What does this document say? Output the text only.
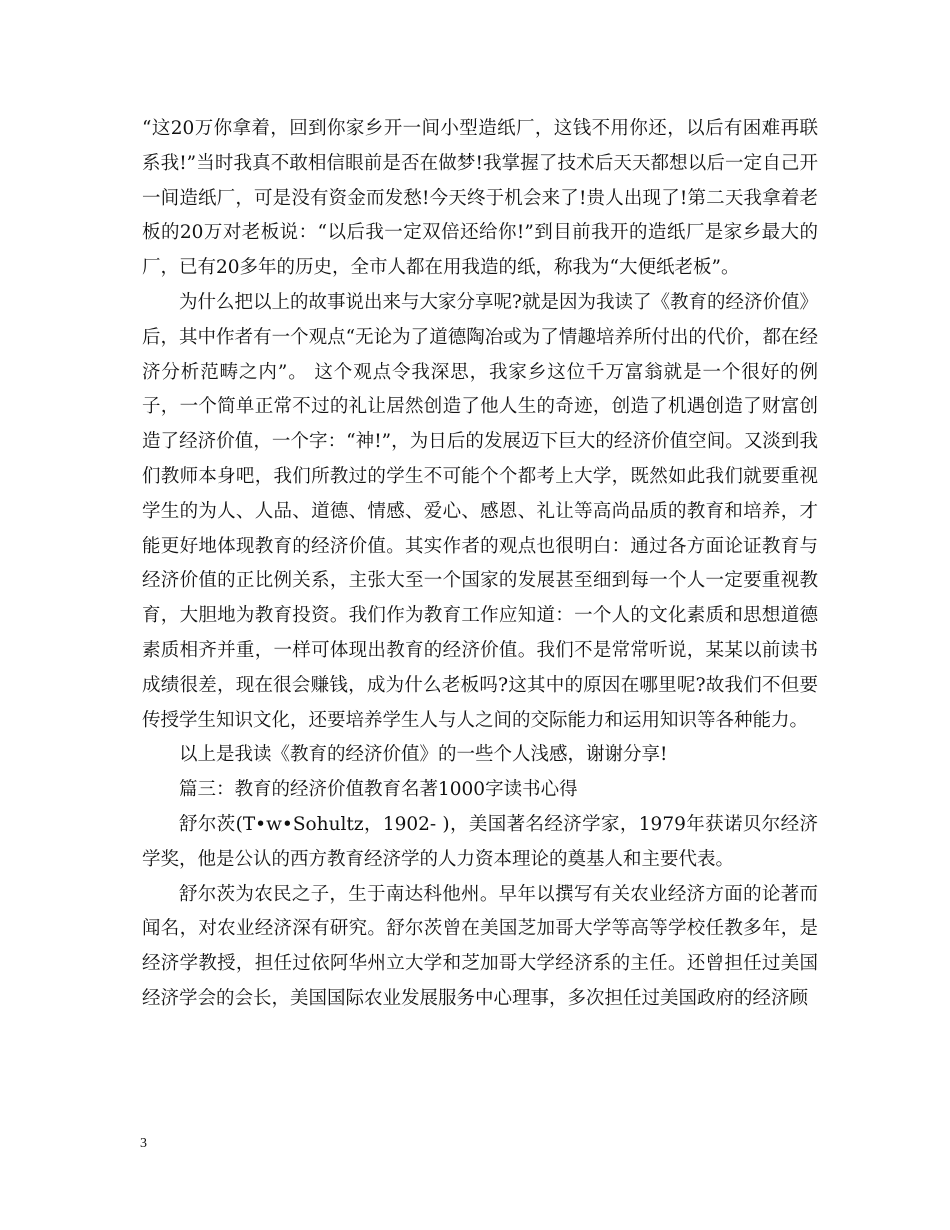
“这20万你拿着，回到你家乡开一间小型造纸厂，这钱不用你还，以后有困难再联系我!”当时我真不敢相信眼前是否在做梦!我掌握了技术后天天都想以后一定自己开一间造纸厂，可是没有资金而发愁!今天终于机会来了!贵人出现了!第二天我拿着老板的20万对老板说：“以后我一定双倍还给你!”到目前我开的造纸厂是家乡最大的厂，已有20多年的历史，全市人都在用我造的纸，称我为“大便纸老板”。

为什么把以上的故事说出来与大家分享呢?就是因为我读了《教育的经济价值》后，其中作者有一个观点“无论为了道德陶冶或为了情趣培养所付出的代价，都在经济分析范畴之内”。 这个观点令我深思，我家乡这位千万富翁就是一个很好的例子，一个简单正常不过的礼让居然创造了他人生的奇迹，创造了机遇创造了财富创造了经济价值，一个字：“神!”，为日后的发展迈下巨大的经济价值空间。又淡到我们教师本身吧，我们所教过的学生不可能个个都考上大学，既然如此我们就要重视学生的为人、人品、道德、情感、爱心、感恩、礼让等高尚品质的教育和培养，才能更好地体现教育的经济价值。其实作者的观点也很明白：通过各方面论证教育与经济价值的正比例关系，主张大至一个国家的发展甚至细到每一个人一定要重视教育，大胆地为教育投资。我们作为教育工作应知道：一个人的文化素质和思想道德素质相齐并重，一样可体现出教育的经济价值。我们不是常常听说，某某以前读书成绩很差，现在很会赚钱，成为什么老板吗?这其中的原因在哪里呢?故我们不但要传授学生知识文化，还要培养学生人与人之间的交际能力和运用知识等各种能力。

以上是我读《教育的经济价值》的一些个人浅感，谢谢分享!

篇三：教育的经济价值教育名著1000字读书心得

舒尔茨(T•w•Sohultz，1902- )，美国著名经济学家，1979年获诺贝尔经济学奖，他是公认的西方教育经济学的人力资本理论的奠基人和主要代表。

舒尔茨为农民之子，生于南达科他州。早年以撰写有关农业经济方面的论著而闻名，对农业经济深有研究。舒尔茨曾在美国芝加哥大学等高等学校任教多年，是经济学教授，担任过依阿华州立大学和芝加哥大学经济系的主任。还曾担任过美国经济学会的会长，美国国际农业发展服务中心理事，多次担任过美国政府的经济顾

3
